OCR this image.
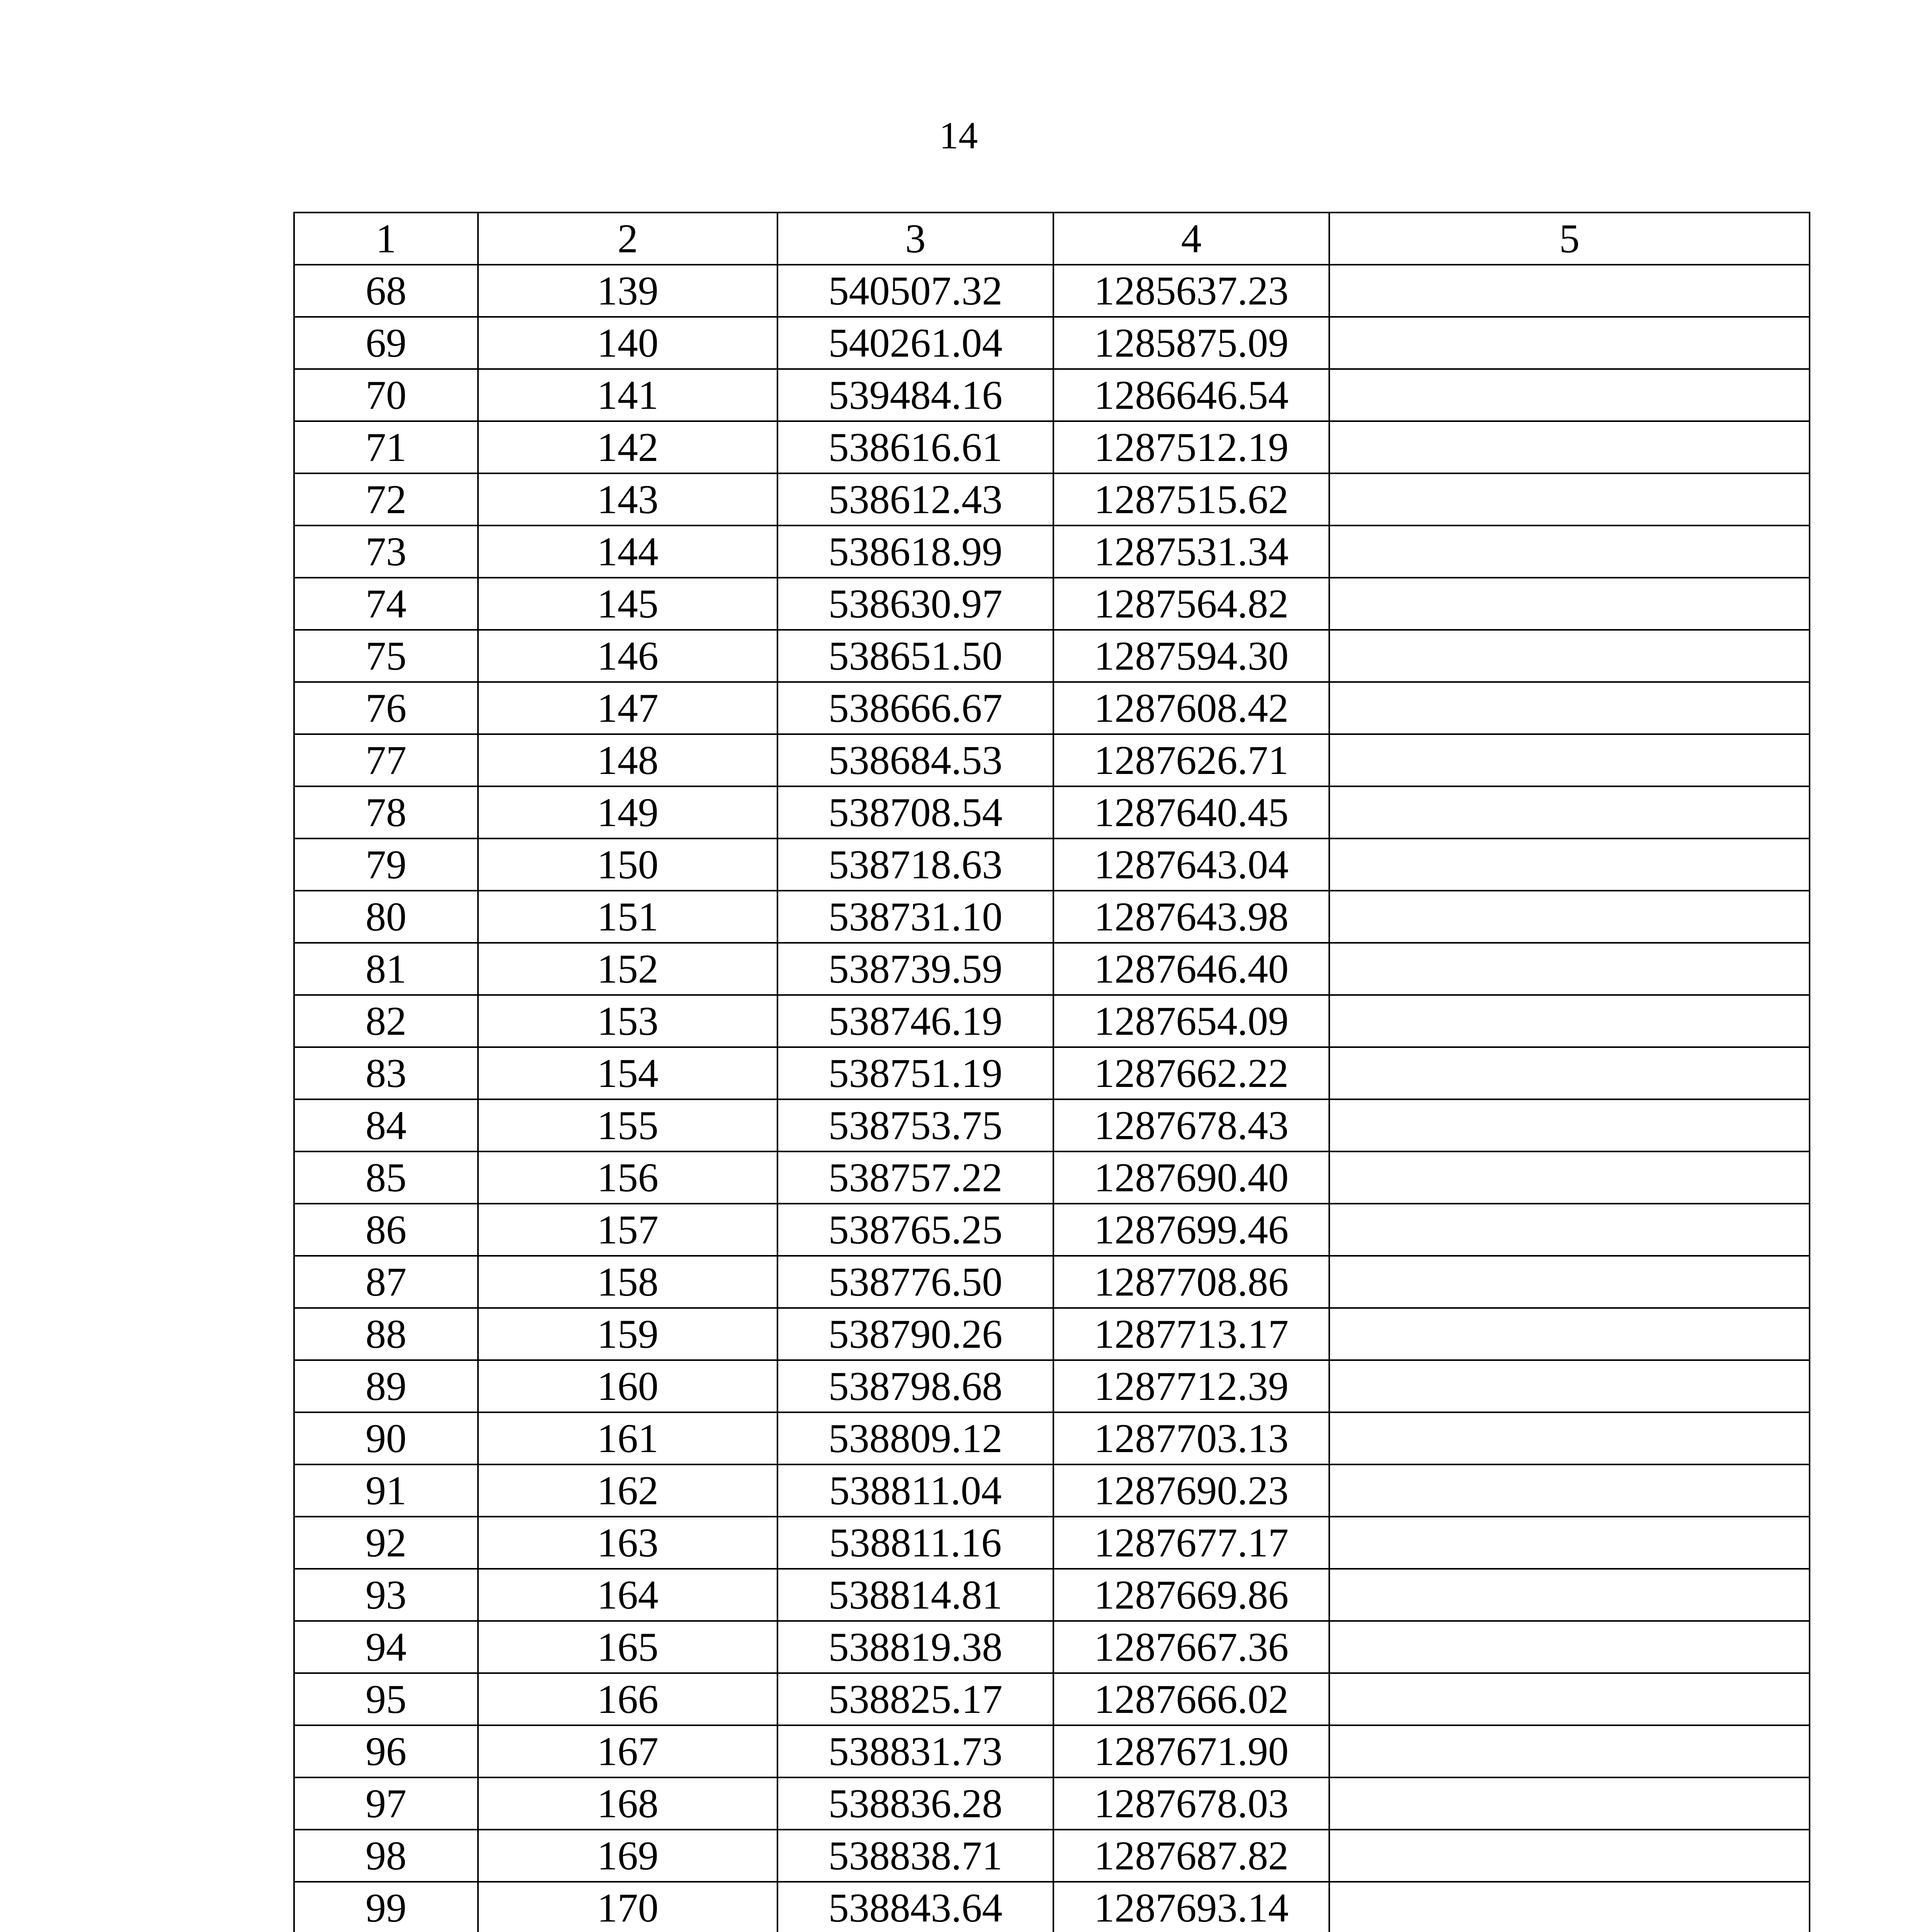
14
1	2	3	4	5
68	139	540507.32	1285637.23	
69	140	540261.04	1285875.09	
70	141	539484.16	1286646.54	
71	142	538616.61	1287512.19	
72	143	538612.43	1287515.62	
73	144	538618.99	1287531.34	
74	145	538630.97	1287564.82	
75	146	538651.50	1287594.30	
76	147	538666.67	1287608.42	
77	148	538684.53	1287626.71	
78	149	538708.54	1287640.45	
79	150	538718.63	1287643.04	
80	151	538731.10	1287643.98	
81	152	538739.59	1287646.40	
82	153	538746.19	1287654.09	
83	154	538751.19	1287662.22	
84	155	538753.75	1287678.43	
85	156	538757.22	1287690.40	
86	157	538765.25	1287699.46	
87	158	538776.50	1287708.86	
88	159	538790.26	1287713.17	
89	160	538798.68	1287712.39	
90	161	538809.12	1287703.13	
91	162	538811.04	1287690.23	
92	163	538811.16	1287677.17	
93	164	538814.81	1287669.86	
94	165	538819.38	1287667.36	
95	166	538825.17	1287666.02	
96	167	538831.73	1287671.90	
97	168	538836.28	1287678.03	
98	169	538838.71	1287687.82	
99	170	538843.64	1287693.14	
